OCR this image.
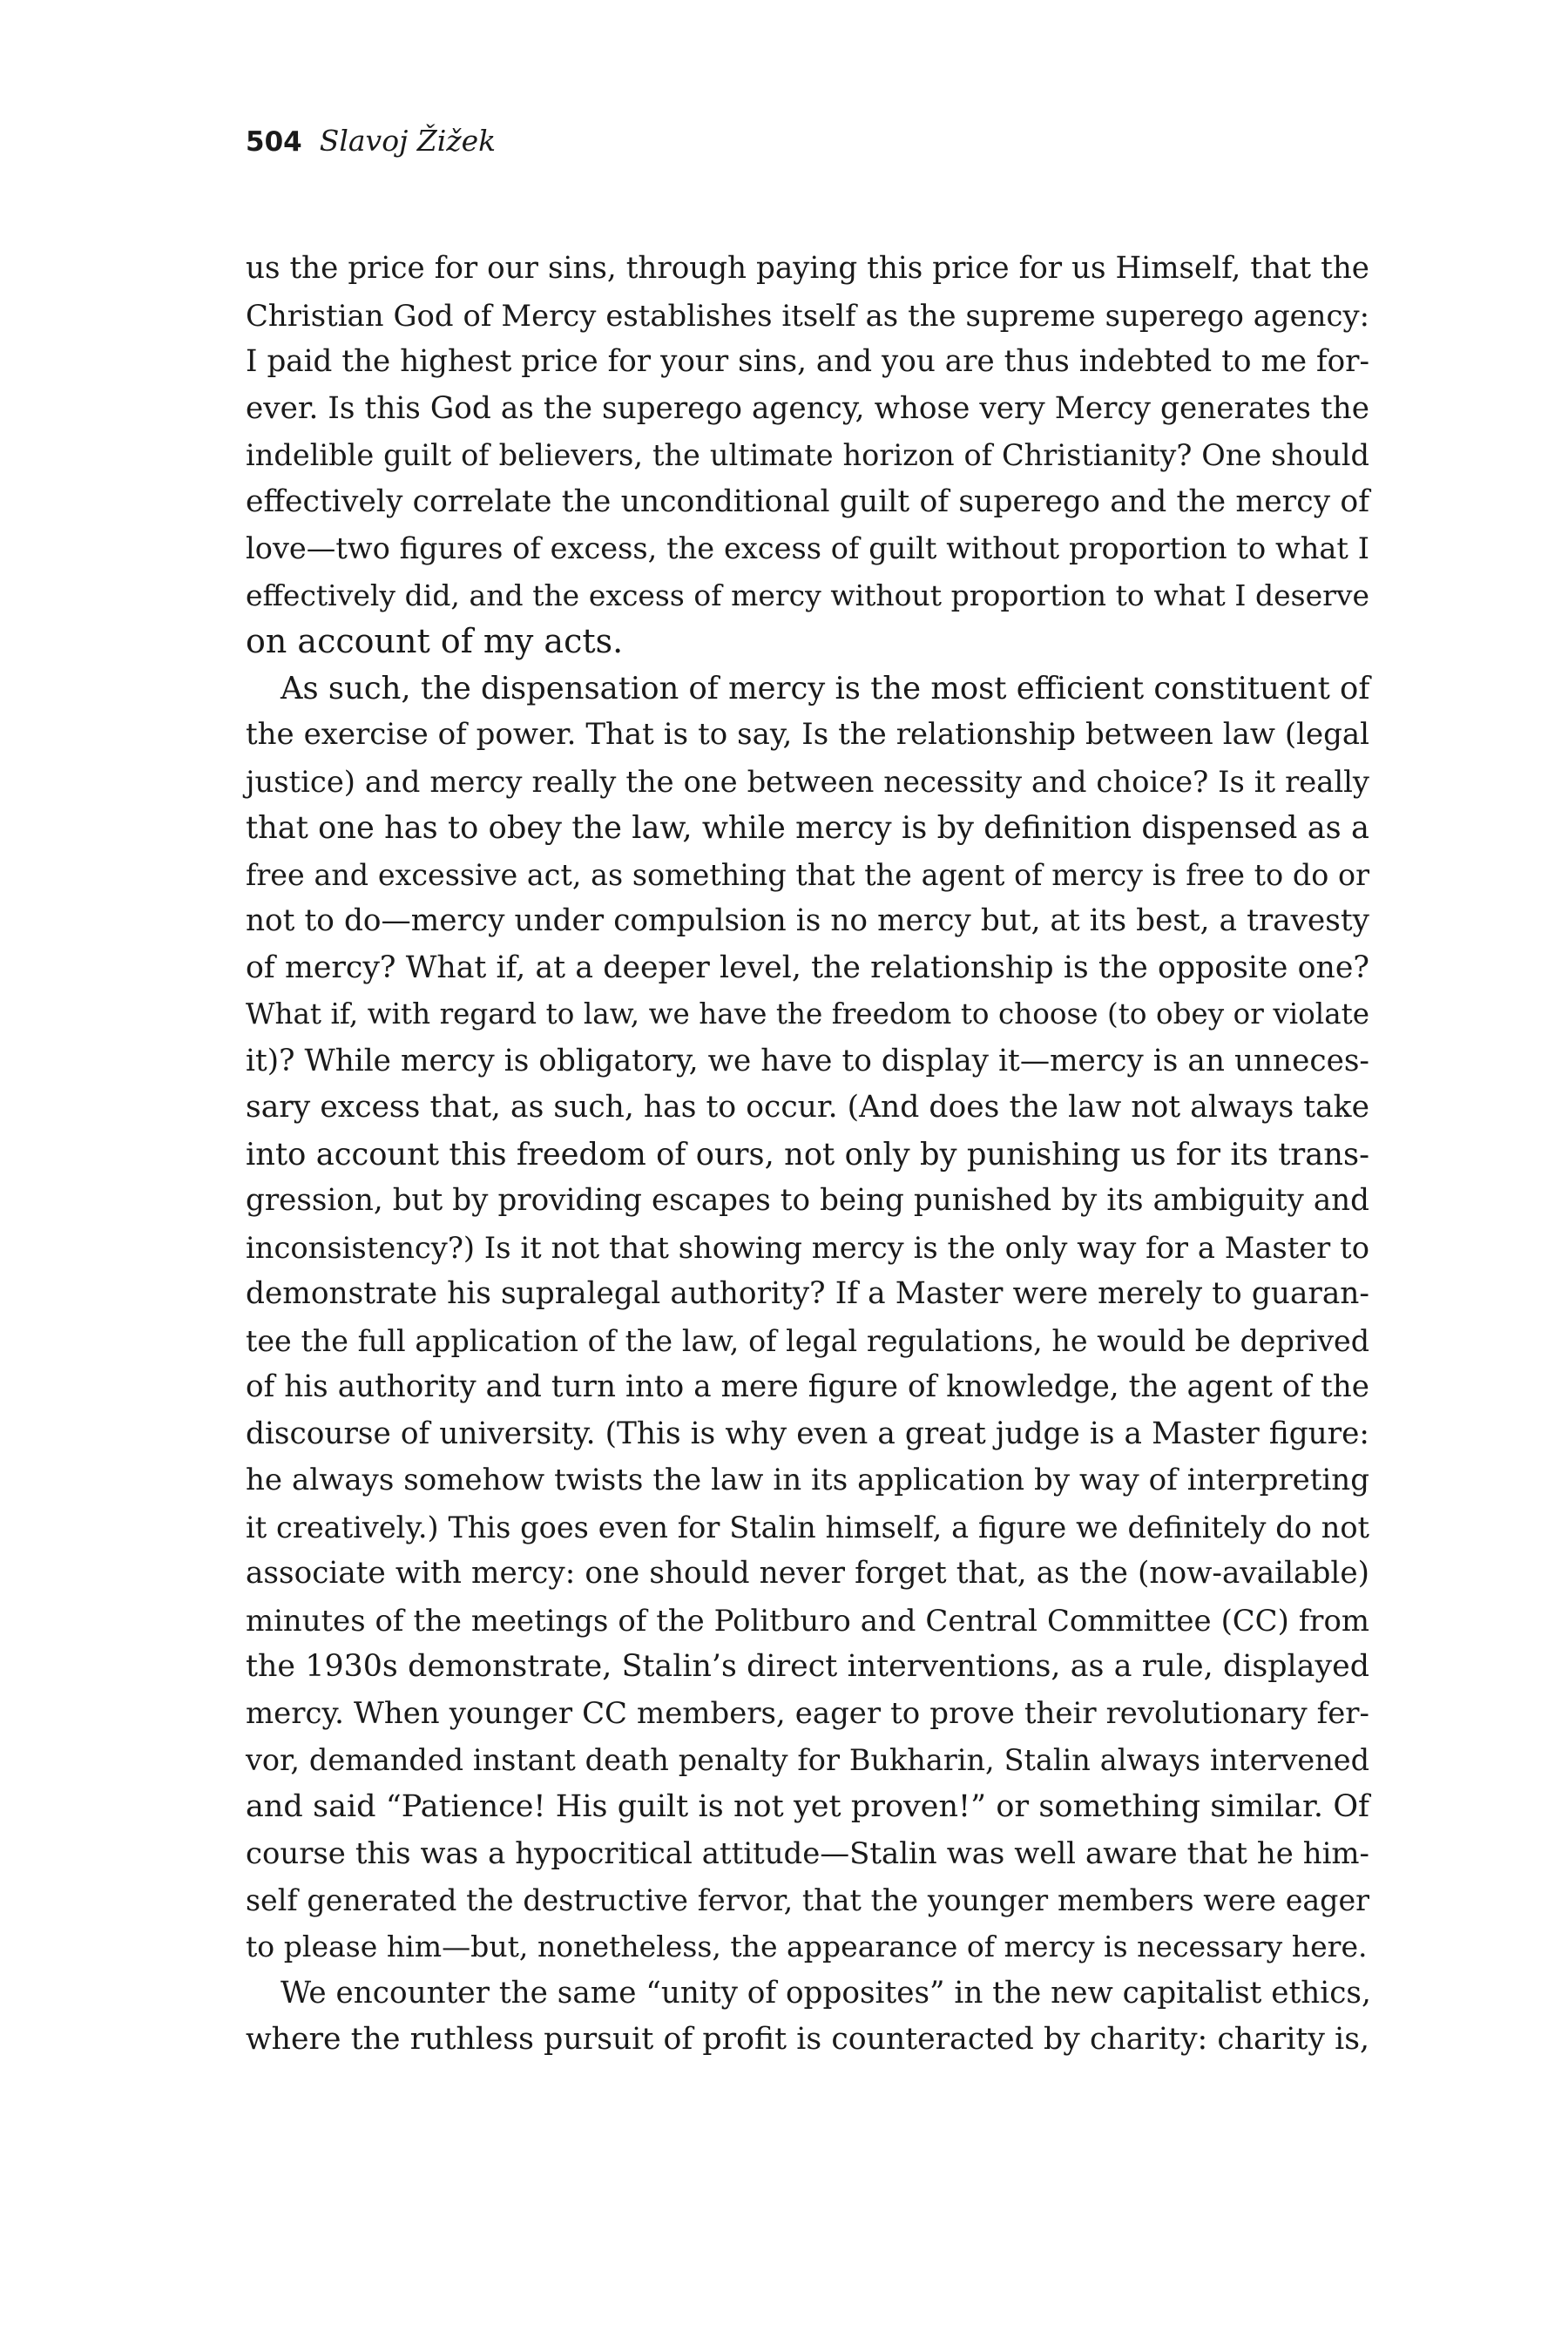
504 Slavoj Žižek
us the price for our sins, through paying this price for us Himself, that the
Christian God of Mercy establishes itself as the supreme superego agency:
I paid the highest price for your sins, and you are thus indebted to me for-
ever. Is this God as the superego agency, whose very Mercy generates the
indelible guilt of believers, the ultimate horizon of Christianity? One should
effectively correlate the unconditional guilt of superego and the mercy of
love—two figures of excess, the excess of guilt without proportion to what I
effectively did, and the excess of mercy without proportion to what I deserve
on account of my acts.
As such, the dispensation of mercy is the most efficient constituent of
the exercise of power. That is to say, Is the relationship between law (legal
justice) and mercy really the one between necessity and choice? Is it really
that one has to obey the law, while mercy is by definition dispensed as a
free and excessive act, as something that the agent of mercy is free to do or
not to do—mercy under compulsion is no mercy but, at its best, a travesty
of mercy? What if, at a deeper level, the relationship is the opposite one?
What if, with regard to law, we have the freedom to choose (to obey or violate
it)? While mercy is obligatory, we have to display it—mercy is an unneces-
sary excess that, as such, has to occur. (And does the law not always take
into account this freedom of ours, not only by punishing us for its trans-
gression, but by providing escapes to being punished by its ambiguity and
inconsistency?) Is it not that showing mercy is the only way for a Master to
demonstrate his supralegal authority? If a Master were merely to guaran-
tee the full application of the law, of legal regulations, he would be deprived
of his authority and turn into a mere figure of knowledge, the agent of the
discourse of university. (This is why even a great judge is a Master figure:
he always somehow twists the law in its application by way of interpreting
it creatively.) This goes even for Stalin himself, a figure we definitely do not
associate with mercy: one should never forget that, as the (now-available)
minutes of the meetings of the Politburo and Central Committee (CC) from
the 1930s demonstrate, Stalin’s direct interventions, as a rule, displayed
mercy. When younger CC members, eager to prove their revolutionary fer-
vor, demanded instant death penalty for Bukharin, Stalin always intervened
and said “Patience! His guilt is not yet proven!” or something similar. Of
course this was a hypocritical attitude—Stalin was well aware that he him-
self generated the destructive fervor, that the younger members were eager
to please him—but, nonetheless, the appearance of mercy is necessary here.
We encounter the same “unity of opposites” in the new capitalist ethics,
where the ruthless pursuit of profit is counteracted by charity: charity is,
